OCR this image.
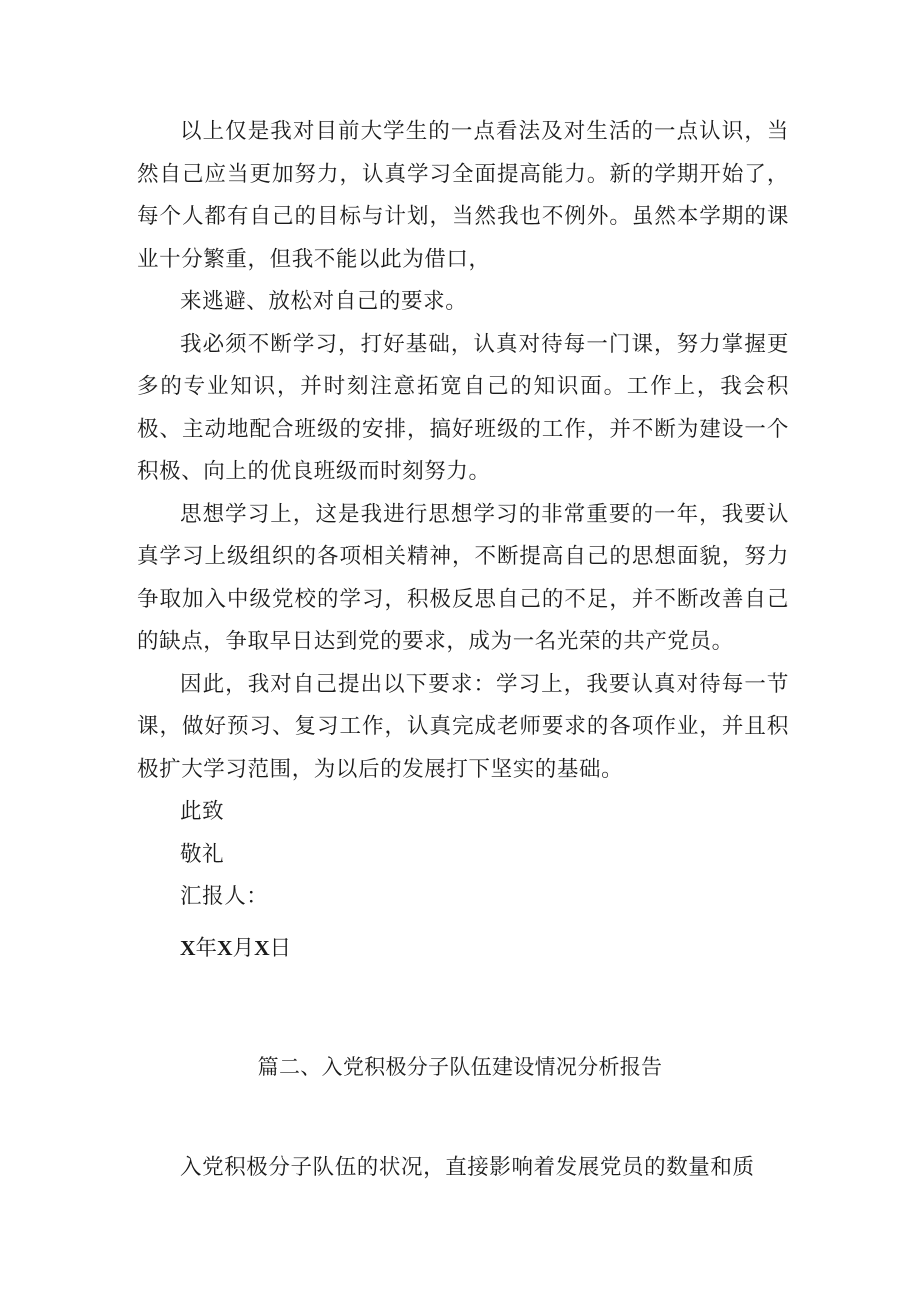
以上仅是我对目前大学生的一点看法及对生活的一点认识，当然自己应当更加努力，认真学习全面提高能力。新的学期开始了，每个人都有自己的目标与计划，当然我也不例外。虽然本学期的课业十分繁重，但我不能以此为借口，

来逃避、放松对自己的要求。

我必须不断学习，打好基础，认真对待每一门课，努力掌握更多的专业知识，并时刻注意拓宽自己的知识面。工作上，我会积极、主动地配合班级的安排，搞好班级的工作，并不断为建设一个积极、向上的优良班级而时刻努力。

思想学习上，这是我进行思想学习的非常重要的一年，我要认真学习上级组织的各项相关精神，不断提高自己的思想面貌，努力争取加入中级党校的学习，积极反思自己的不足，并不断改善自己的缺点，争取早日达到党的要求，成为一名光荣的共产党员。

因此，我对自己提出以下要求：学习上，我要认真对待每一节课，做好预习、复习工作，认真完成老师要求的各项作业，并且积极扩大学习范围，为以后的发展打下坚实的基础。

此致
敬礼
汇报人：
X年X月X日
篇二、入党积极分子队伍建设情况分析报告

入党积极分子队伍的状况，直接影响着发展党员的数量和质
